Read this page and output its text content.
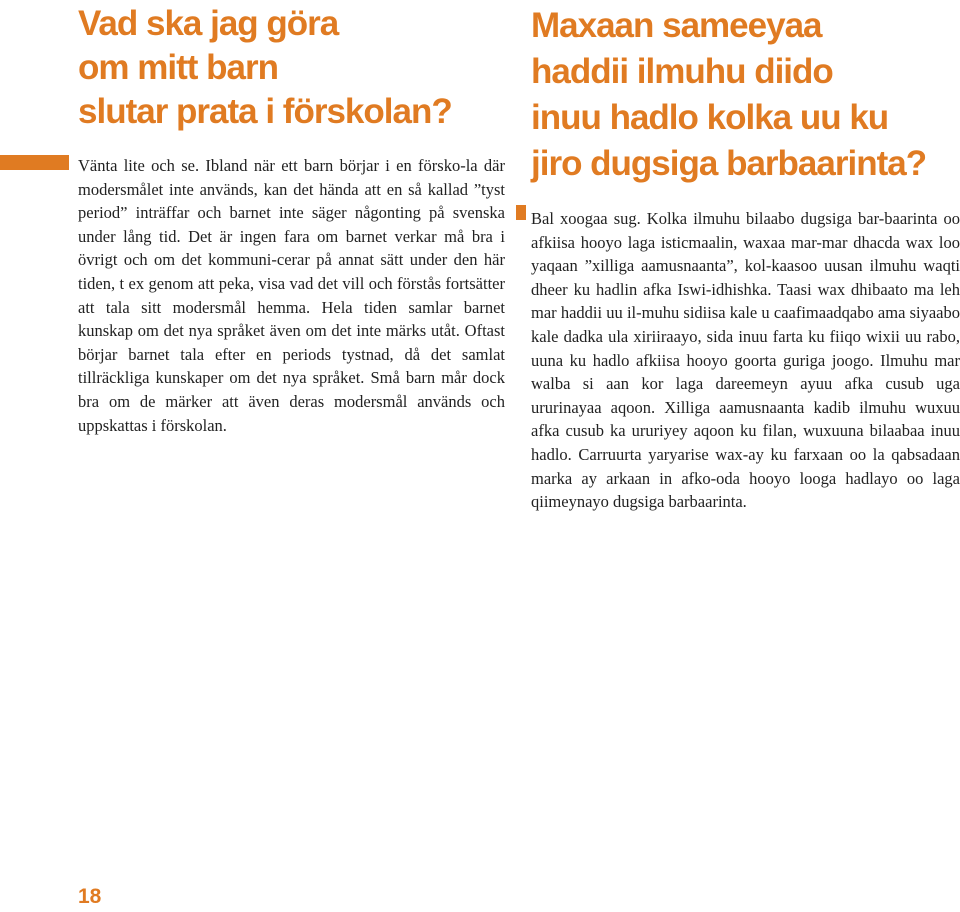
Vad ska jag göra
om mitt barn
slutar prata i förskolan?

Vänta lite och se. Ibland när ett barn börjar i en försko-la där modersmålet inte används, kan det hända att en så kallad ”tyst period” inträffar och barnet inte säger någonting på svenska under lång tid. Det är ingen fara om barnet verkar må bra i övrigt och om det kommuni-cerar på annat sätt under den här tiden, t ex genom att peka, visa vad det vill och förstås fortsätter att tala sitt modersmål hemma. Hela tiden samlar barnet kunskap om det nya språket även om det inte märks utåt. Oftast börjar barnet tala efter en periods tystnad, då det samlat tillräckliga kunskaper om det nya språket. Små barn mår dock bra om de märker att även deras modersmål används och uppskattas i förskolan.

Maxaan sameeyaa
haddii ilmuhu diido
inuu hadlo kolka uu ku
jiro dugsiga barbaarinta?

Bal xoogaa sug. Kolka ilmuhu bilaabo dugsiga bar-baarinta oo afkiisa hooyo laga isticmaalin, waxaa mar-mar dhacda wax loo yaqaan ”xilliga aamusnaanta”, kol-kaasoo uusan ilmuhu waqti dheer ku hadlin afka Iswi-idhishka. Taasi wax dhibaato ma leh mar haddii uu il-muhu sidiisa kale u caafimaadqabo ama siyaabo kale dadka ula xiriiraayo, sida inuu farta ku fiiqo wixii uu rabo, uuna ku hadlo afkiisa hooyo goorta guriga joogo. Ilmuhu mar walba si aan kor laga dareemeyn ayuu afka cusub uga ururinayaa aqoon. Xilliga aamusnaanta kadib ilmuhu wuxuu afka cusub ka ururiyey aqoon ku filan, wuxuuna bilaabaa inuu hadlo. Carruurta yaryarise wax-ay ku farxaan oo la qabsadaan marka ay arkaan in afko-oda hooyo looga hadlayo oo laga qiimeynayo dugsiga barbaarinta.

18
